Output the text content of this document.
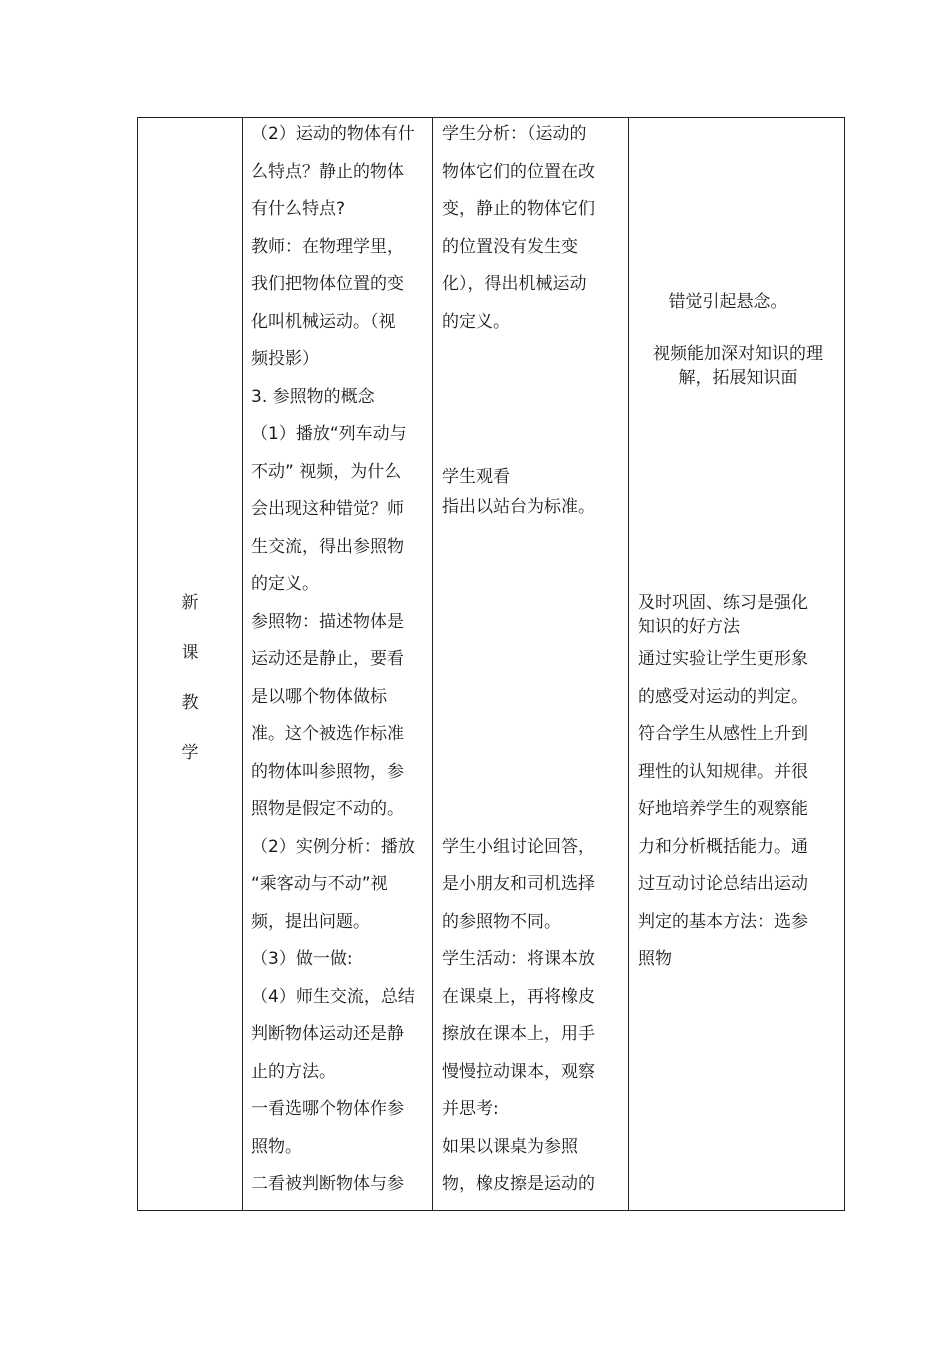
新
课
教
学
（2）运动的物体有什
么特点？静止的物体
有什么特点?
教师：在物理学里，
我们把物体位置的变
化叫机械运动。（视
频投影）
3. 参照物的概念
（1）播放“列车动与
不动” 视频，为什么
会出现这种错觉？师
生交流，得出参照物
的定义。
参照物：描述物体是
运动还是静止，要看
是以哪个物体做标
准。这个被选作标准
的物体叫参照物，参
照物是假定不动的。
（2）实例分析：播放
“乘客动与不动”视
频，提出问题。
（3）做一做:
（4）师生交流，总结
判断物体运动还是静
止的方法。
一看选哪个物体作参
照物。
二看被判断物体与参
学生分析：（运动的
物体它们的位置在改
变，静止的物体它们
的位置没有发生变
化），得出机械运动
的定义。
学生观看
指出以站台为标准。
学生小组讨论回答，
是小朋友和司机选择
的参照物不同。
学生活动：将课本放
在课桌上，再将橡皮
擦放在课本上，用手
慢慢拉动课本，观察
并思考:
如果以课桌为参照
物，橡皮擦是运动的
错觉引起悬念。
视频能加深对知识的理
解，拓展知识面
及时巩固、练习是强化
知识的好方法
通过实验让学生更形象
的感受对运动的判定。
符合学生从感性上升到
理性的认知规律。并很
好地培养学生的观察能
力和分析概括能力。通
过互动讨论总结出运动
判定的基本方法：选参
照物
